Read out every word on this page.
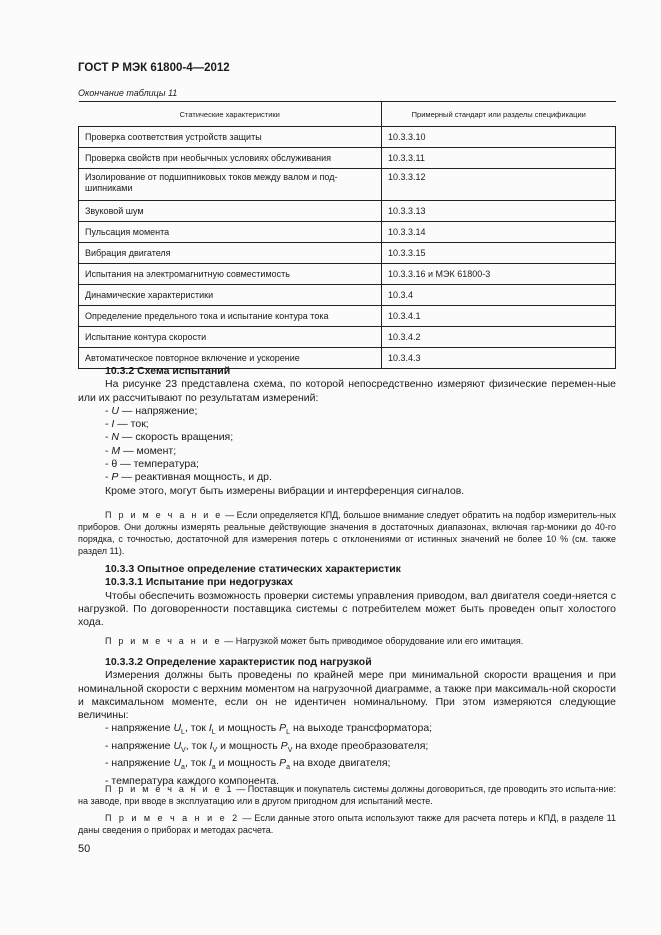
ГОСТ Р МЭК 61800-4—2012
Окончание таблицы 11
Статические характеристики	Примерный стандарт или разделы спецификации
Проверка соответствия устройств защиты	10.3.3.10
Проверка свойств при необычных условиях обслуживания	10.3.3.11
Изолирование от подшипниковых токов между валом и под-шипниками	10.3.3.12
Звуковой шум	10.3.3.13
Пульсация момента	10.3.3.14
Вибрация двигателя	10.3.3.15
Испытания на электромагнитную совместимость	10.3.3.16 и МЭК 61800-3
Динамические характеристики	10.3.4
Определение предельного тока и испытание контура тока	10.3.4.1
Испытание контура скорости	10.3.4.2
Автоматическое повторное включение и ускорение	10.3.4.3

10.3.2 Схема испытаний

На рисунке 23 представлена схема, по которой непосредственно измеряют физические перемен-ные или их рассчитывают по результатам измерений:

- U — напряжение;

- I — ток;

- N — скорость вращения;

- M — момент;

- θ — температура;

- P — реактивная мощность, и др.

Кроме этого, могут быть измерены вибрации и интерференция сигналов.

П р и м е ч а н и е — Если определяется КПД, большое внимание следует обратить на подбор измеритель-ных приборов. Они должны измерять реальные действующие значения в достаточных диапазонах, включая гар-моники до 40-го порядка, с точностью, достаточной для измерения потерь с отклонениями от истинных значений не более 10 % (см. также раздел 11).

10.3.3 Опытное определение статических характеристик

10.3.3.1 Испытание при недогрузках

Чтобы обеспечить возможность проверки системы управления приводом, вал двигателя соеди-няется с нагрузкой. По договоренности поставщика системы с потребителем может быть проведен опыт холостого хода.

П р и м е ч а н и е — Нагрузкой может быть приводимое оборудование или его имитация.

10.3.3.2 Определение характеристик под нагрузкой

Измерения должны быть проведены по крайней мере при минимальной скорости вращения и при номинальной скорости с верхним моментом на нагрузочной диаграмме, а также при максималь-ной скорости и максимальном моменте, если он не идентичен номинальному. При этом измеряются следующие величины:

- напряжение $U_L$, ток $I_L$ и мощность $P_L$ на выходе трансформатора;

- напряжение $U_V$, ток $I_V$ и мощность $P_V$ на входе преобразователя;

- напряжение $U_a$, ток $I_a$ и мощность $P_a$ на входе двигателя;

- температура каждого компонента.

П р и м е ч а н и е 1 — Поставщик и покупатель системы должны договориться, где проводить это испыта-ние: на заводе, при вводе в эксплуатацию или в другом пригодном для испытаний месте.

П р и м е ч а н и е 2 — Если данные этого опыта используют также для расчета потерь и КПД, в разделе 11 даны сведения о приборах и методах расчета.

50
